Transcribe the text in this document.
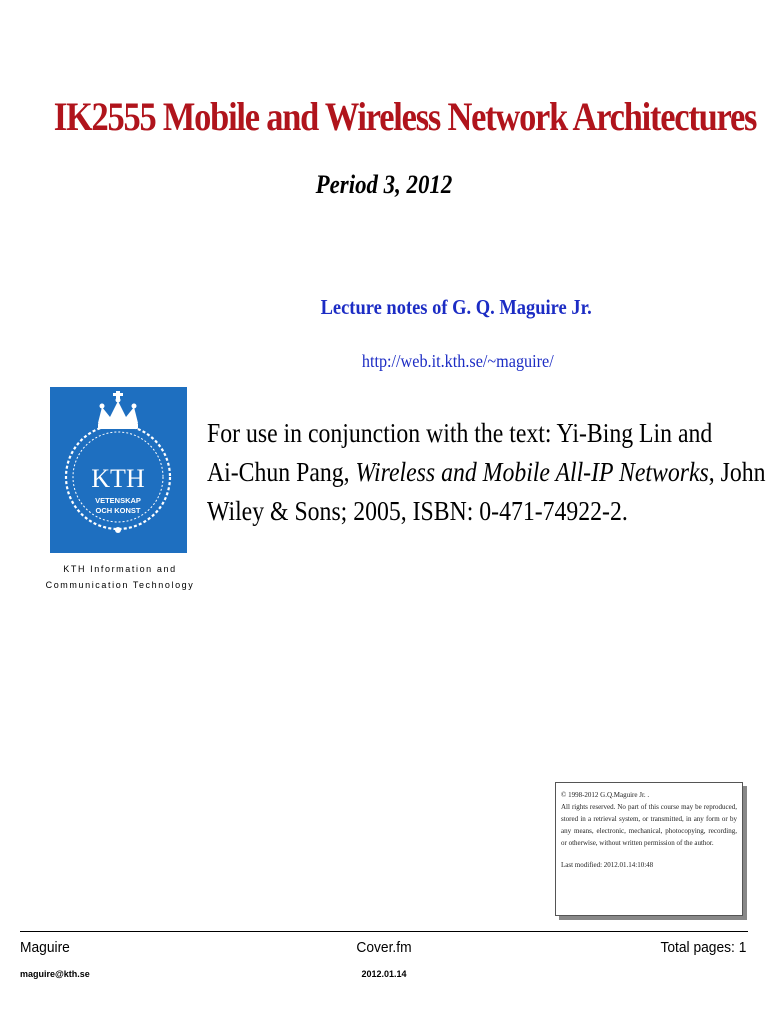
IK2555 Mobile and Wireless Network Architectures
Period 3, 2012
Lecture notes of G. Q. Maguire Jr.
http://web.it.kth.se/~maguire/
KTH
VETENSKAP
OCH KONST
KTH Information and
Communication Technology
For use in conjunction with the text: Yi-Bing Lin and
Ai-Chun Pang, Wireless and Mobile All-IP Networks, John
Wiley & Sons; 2005, ISBN: 0-471-74922-2.

© 1998-2012 G.Q.Maguire Jr. .

All rights reserved. No part of this course may be reproduced, stored in a retrieval system, or transmitted, in any form or by any means, electronic, mechanical, photocopying, recording, or otherwise, without written permission of the author.

Last modified: 2012.01.14:10:48

Maguire	Cover.fm	Total pages: 1
maguire@kth.se	2012.01.14
